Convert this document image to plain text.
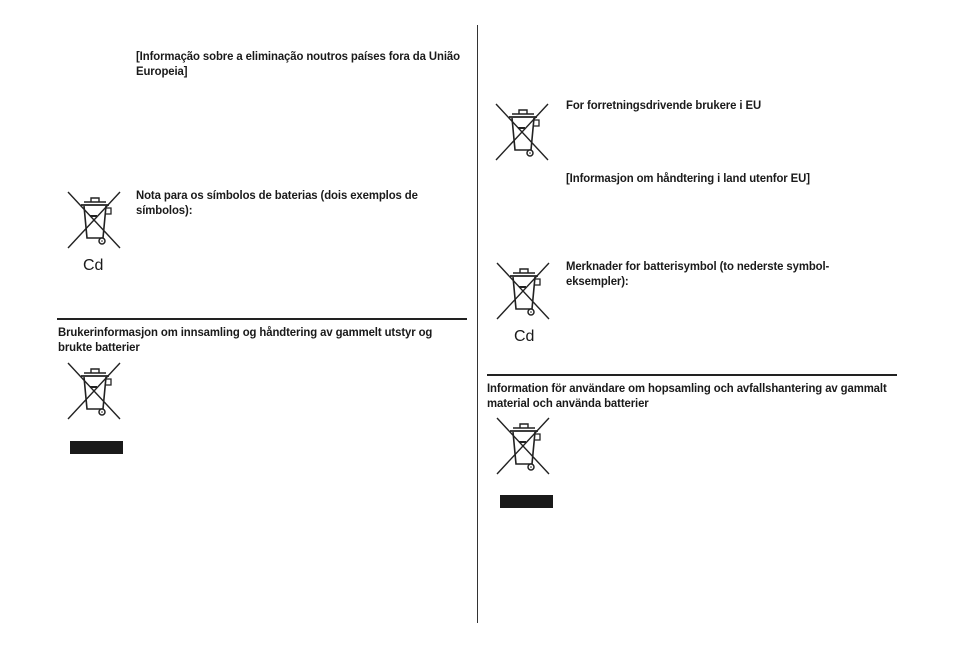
[Informação sobre a eliminação noutros países fora da União Europeia]
Cd
Nota para os símbolos de baterias (dois exemplos de símbolos):
Brukerinformasjon om innsamling og håndtering av gammelt utstyr og brukte batterier
For forretningsdrivende brukere i EU
[Informasjon om håndtering i land utenfor EU]
Cd
Merknader for batterisymbol (to nederste symbol-eksempler):
Information för användare om hopsamling och avfallshantering av gammalt material och använda batterier
